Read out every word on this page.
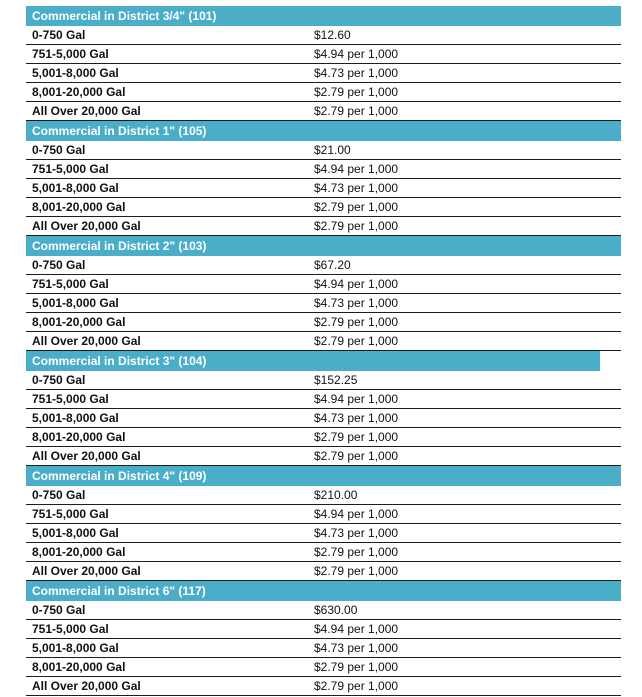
Commercial in District 3/4" (101)	
0-750 Gal	$12.60
751-5,000 Gal	$4.94 per 1,000
5,001-8,000 Gal	$4.73 per 1,000
8,001-20,000 Gal	$2.79 per 1,000
All Over 20,000 Gal	$2.79 per 1,000
Commercial in District 1" (105)	
0-750 Gal	$21.00
751-5,000 Gal	$4.94 per 1,000
5,001-8,000 Gal	$4.73 per 1,000
8,001-20,000 Gal	$2.79 per 1,000
All Over 20,000 Gal	$2.79 per 1,000
Commercial in District 2" (103)	
0-750 Gal	$67.20
751-5,000 Gal	$4.94 per 1,000
5,001-8,000 Gal	$4.73 per 1,000
8,001-20,000 Gal	$2.79 per 1,000
All Over 20,000 Gal	$2.79 per 1,000
Commercial in District 3" (104)	
0-750 Gal	$152.25
751-5,000 Gal	$4.94 per 1,000
5,001-8,000 Gal	$4.73 per 1,000
8,001-20,000 Gal	$2.79 per 1,000
All Over 20,000 Gal	$2.79 per 1,000
Commercial in District 4" (109)	
0-750 Gal	$210.00
751-5,000 Gal	$4.94 per 1,000
5,001-8,000 Gal	$4.73 per 1,000
8,001-20,000 Gal	$2.79 per 1,000
All Over 20,000 Gal	$2.79 per 1,000
Commercial in District 6" (117)	
0-750 Gal	$630.00
751-5,000 Gal	$4.94 per 1,000
5,001-8,000 Gal	$4.73 per 1,000
8,001-20,000 Gal	$2.79 per 1,000
All Over 20,000 Gal	$2.79 per 1,000
